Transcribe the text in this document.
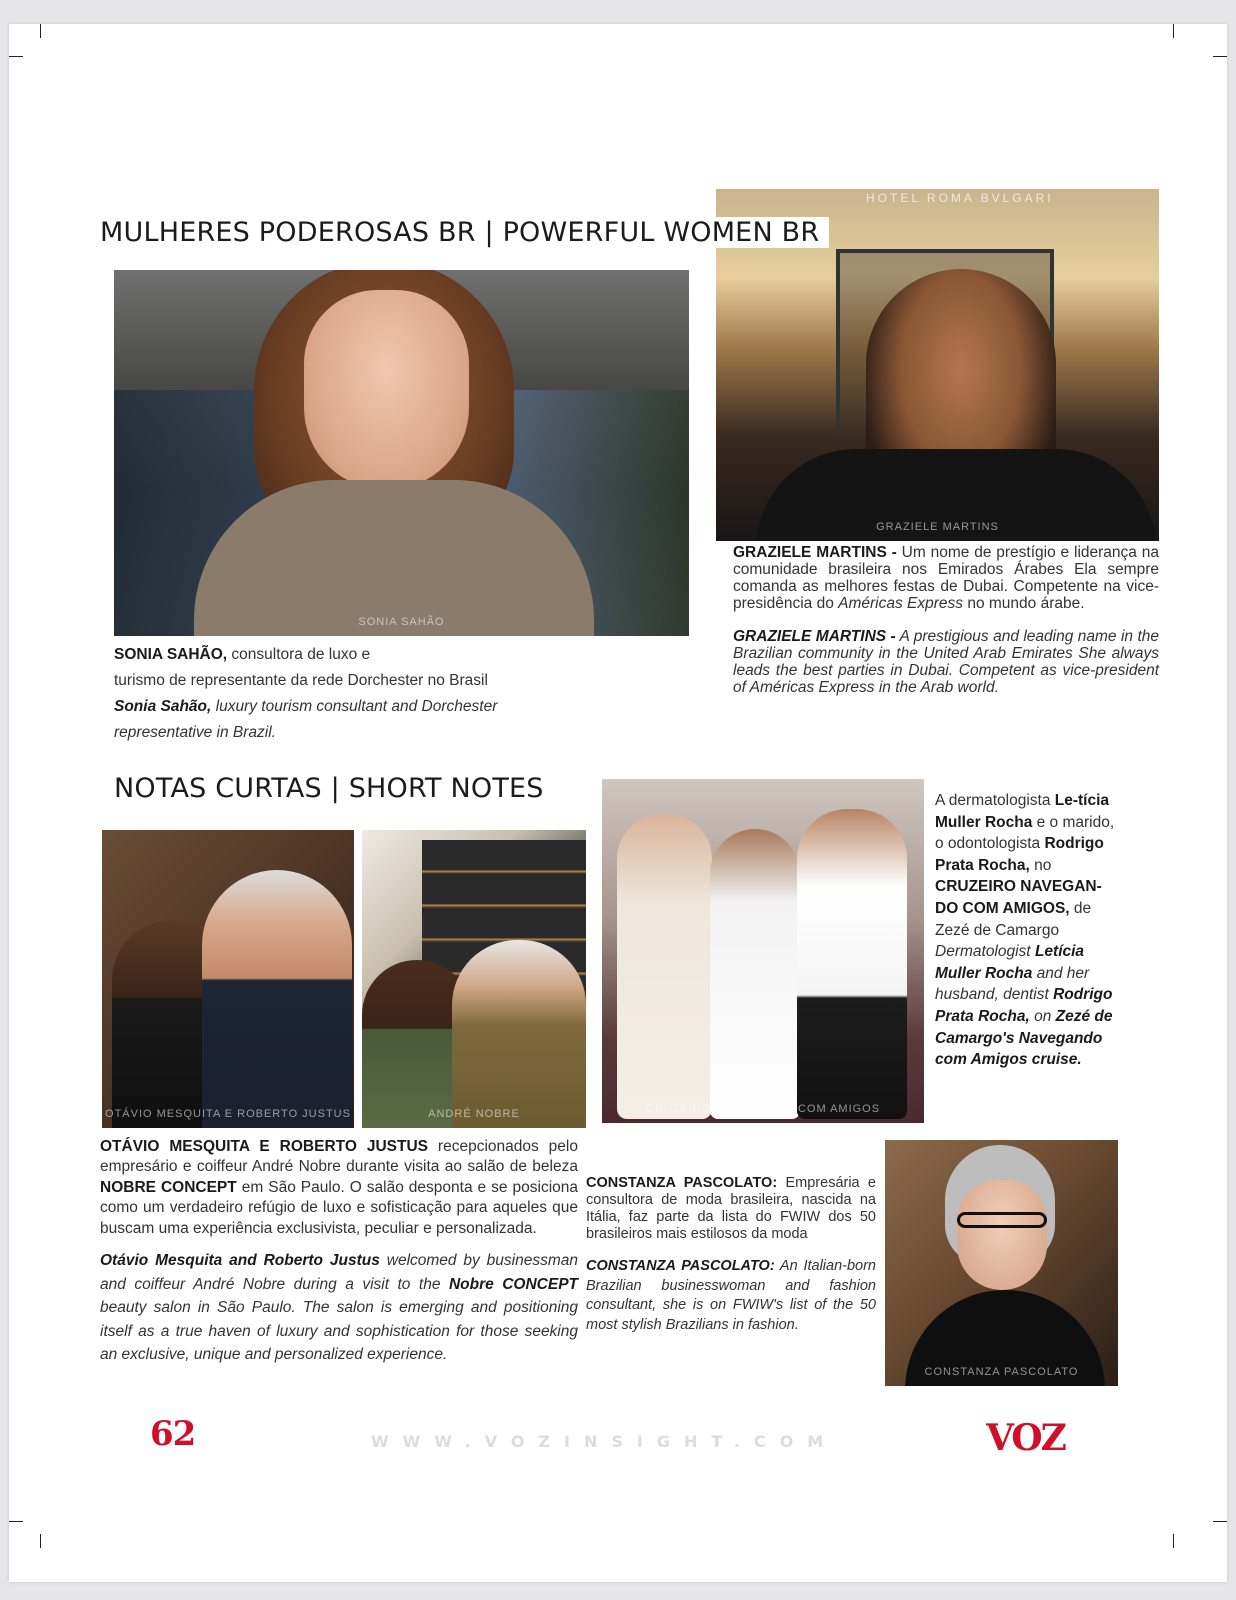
HOTEL ROMA BVLGARI
GRAZIELE MARTINS
MULHERES PODEROSAS BR | POWERFUL WOMEN BR
SONIA SAHÃO

GRAZIELE MARTINS - Um nome de prestígio e liderança na comunidade brasileira nos Emirados Árabes Ela sempre comanda as melhores festas de Dubai. Competente na vice-presidência do Américas Express no mundo árabe.

GRAZIELE MARTINS - A prestigious and leading name in the Brazilian community in the United Arab Emirates She always leads the best parties in Dubai. Competent as vice-president of Américas Express in the Arab world.

SONIA SAHÃO, consultora de luxo e
turismo de representante da rede Dorchester no Brasil
Sonia Sahão, luxury tourism consultant and Dorchester representative in Brazil.
NOTAS CURTAS | SHORT NOTES
CRUZEIRO NAVEGANDO COM AMIGOS
A dermatologista Le-tícia Muller Rocha e o marido, o odontologista Rodrigo Prata Rocha, no CRUZEIRO NAVEGAN-DO COM AMIGOS, de Zezé de Camargo
Dermatologist Letícia Muller Rocha and her husband, dentist Rodrigo Prata Rocha, on Zezé de Camargo's Navegando com Amigos cruise.
OTÁVIO MESQUITA E ROBERTO JUSTUS	ANDRÉ NOBRE

OTÁVIO MESQUITA E ROBERTO JUSTUS recepcionados pelo empresário e coiffeur André Nobre durante visita ao salão de beleza NOBRE CONCEPT em São Paulo. O salão desponta e se posiciona como um verdadeiro refúgio de luxo e sofisticação para aqueles que buscam uma experiência exclusivista, peculiar e personalizada.

Otávio Mesquita and Roberto Justus welcomed by businessman and coiffeur André Nobre during a visit to the Nobre CONCEPT beauty salon in São Paulo. The salon is emerging and positioning itself as a true haven of luxury and sophistication for those seeking an exclusive, unique and personalized experience.

CONSTANZA PASCOLATO: Empresária e consultora de moda brasileira, nascida na Itália, faz parte da lista do FWIW dos 50 brasileiros mais estilosos da moda

CONSTANZA PASCOLATO: An Italian-born Brazilian businesswoman and fashion consultant, she is on FWIW's list of the 50 most stylish Brazilians in fashion.

CONSTANZA PASCOLATO
62	WWW.VOZINSIGHT.COM	VOZ
